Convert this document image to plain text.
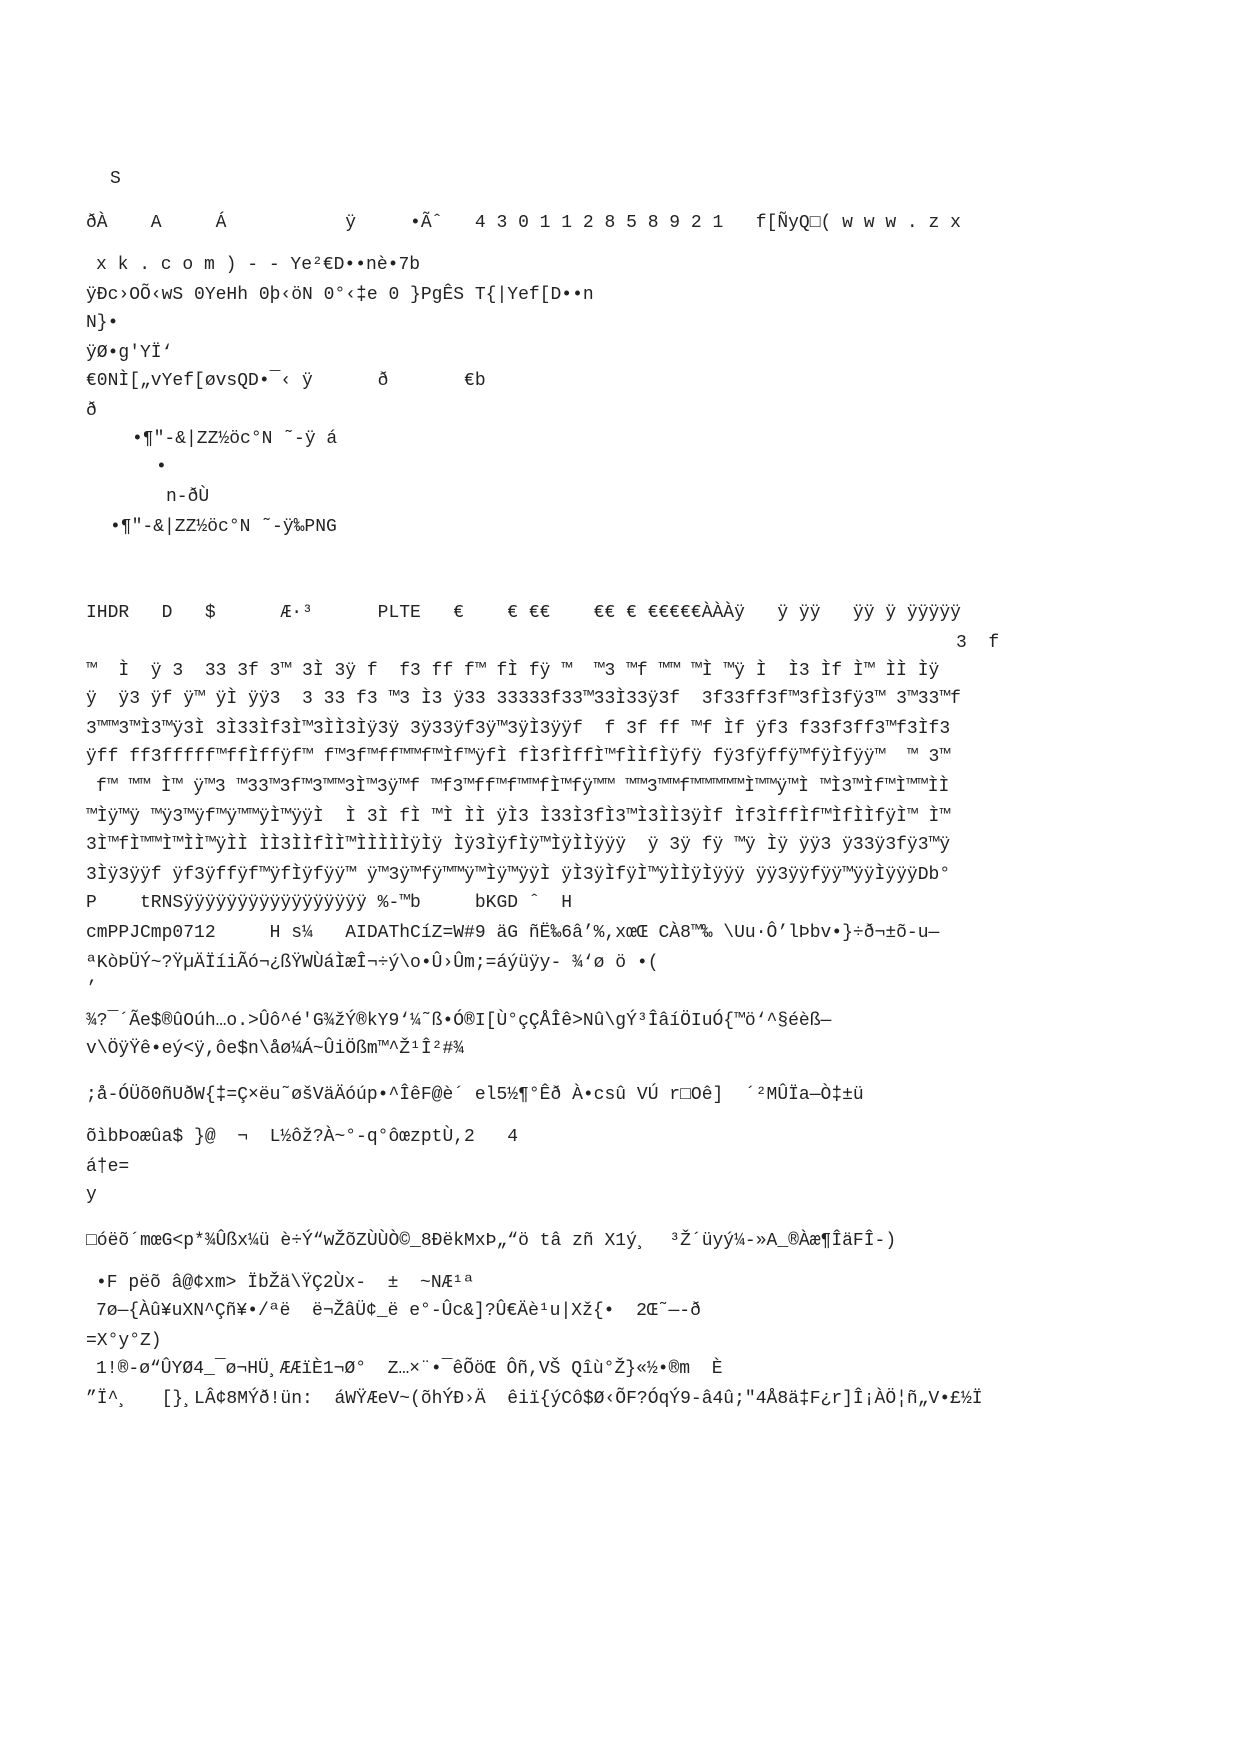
S
ðÀ    A     Á           ÿ     •Ãˆ   4 3 0 1 1 2 8 5 8 9 2 1   f[ÑyQ□( w w w . z x
x k . c o m ) - - Ye²€D••nè•7b
ÿÐc›OÕ‹wS 0YeHh 0þ‹öN 0°‹‡e 0 }PgÊS T{|Yef[D••n
N}•
ÿØ•g'YÏ‘
€0NÌ[„vYef[øvsQD•¯‹ ÿ      ð       €b
ð
•¶"-&|ZZ½öc°N ˜-ÿ á
•
n-ðÙ
•¶"-&|ZZ½öc°N ˜-ÿ‰PNG
IHDR   D   $      Æ·³      PLTE   €    € €€    €€ € €€€€€ÀÀÀÿ   ÿ ÿÿ   ÿÿ ÿ ÿÿÿÿÿ
3  f
™  Ì  ÿ 3  33 3f 3™ 3Ì 3ÿ f  f3 ff f™ fÌ fÿ ™  ™3 ™f ™™ ™Ì ™ÿ Ì  Ì3 Ìf Ì™ ÌÌ Ìÿ
ÿ  ÿ3 ÿf ÿ™ ÿÌ ÿÿ3  3 33 f3 ™3 Ì3 ÿ33 33333f33™33Ì33ÿ3f  3f33ff3f™3fÌ3fÿ3™ 3™33™f
3™™3™Ì3™ÿ3Ì 3Ì33Ìf3Ì™3ÌÌ3Ìÿ3ÿ 3ÿ33ÿf3ÿ™3ÿÌ3ÿÿf  f 3f ff ™f Ìf ÿf3 f33f3ff3™f3Ìf3
ÿff ff3fffff™ffÌffÿf™ f™3f™ff™™f™Ìf™ÿfÌ fÌ3fÌffÌ™fÌÌfÌÿfÿ fÿ3fÿffÿ™fÿÌfÿÿ™  ™ 3™
f™ ™™ Ì™ ÿ™3 ™33™3f™3™™3Ì™3ÿ™f ™f3™ff™f™™fÌ™fÿ™™ ™™3™™f™™™™™Ì™™ÿ™Ì ™Ì3™Ìf™Ì™™ÌÌ
™Ìÿ™ÿ ™ÿ3™ÿf™ÿ™™ÿÌ™ÿÿÌ  Ì 3Ì fÌ ™Ì ÌÌ ÿÌ3 Ì33Ì3fÌ3™Ì3ÌÌ3ÿÌf Ìf3ÌffÌf™ÌfÌÌfÿÌ™ Ì™
3Ì™fÌ™™Ì™ÌÌ™ÿÌÌ ÌÌ3ÌÌfÌÌ™ÌÌÌÌÌÿÌÿ Ìÿ3ÌÿfÌÿ™ÌÿÌÌÿÿÿ  ÿ 3ÿ fÿ ™ÿ Ìÿ ÿÿ3 ÿ33ÿ3fÿ3™ÿ
3Ìÿ3ÿÿf ÿf3ÿffÿf™ÿfÌÿfÿÿ™ ÿ™3ÿ™fÿ™™ÿ™Ìÿ™ÿÿÌ ÿÌ3ÿÌfÿÌ™ÿÌÌÿÌÿÿÿ ÿÿ3ÿÿfÿÿ™ÿÿÌÿÿÿDb°
P    tRNSÿÿÿÿÿÿÿÿÿÿÿÿÿÿÿÿÿ %-™b     bKGD ˆ  H
cmPPJCmp0712     H s¼   AIDAThCíZ=W#9 äG ñË‰6â’%,xœŒ CÀ8™‰ \Uu·Ô’lÞbv•}÷ð¬±õ-u—
ªKòÞÜÝ~?ŸµÄÏíiÃó¬¿ßŸWÙáÌæÎ¬÷ý\o•Û›Ûm;=áýüÿy- ¾‘ø ö •(
’
¾?¯´Ãe$®ûOúh…o.>Ûô^é'G¾žÝ®kY9‘¼˜ß•Ó®I[Ù°çÇÅÎê>Nû\gÝ³ÎâíÖIuÓ{™ö‘^§éèß—
v\ÖÿŸê•eý<ÿ,ôe$n\åø¼Á~ÛiÖßm™^Ž¹Î²#¾
;å-ÓÜõ0ñUðW{‡=Ç×ëu˜øšVäÄóúp•^ÎêF@è´ el5½¶°Êð À•csû VÚ r□Oê]  ´²MÛÏa—Ò‡±ü
õìbÞoæûa$ }@  ¬  L½ôž?À~°-q°ôœzptÙ,2   4
á†e=
y
□óëõ´mœG<p*¾Ûßx¼ü è÷Ý“wŽõZÙÙÒ©_8ÐëkMxÞ„“ö tâ zñ X1ý¸  ³Ž´üyý¼-»A_®Àæ¶ÎäFÎ-)
•F pëõ â@¢xm> ÏbŽä\ŸÇ2Ùx-  ±  ~NÆ¹ª
7ø—{Àû¥uXN^Çñ¥•/ªë  ë¬ŽâÜ¢_ë e°-Ûc&]?Û€Äè¹u|Xž{•  2Œ˜—-ð
=X°y°Z)
1!®-ø“ÛYØ4_¯ø¬HÜ¸ÆÆïÈ1¬Ø°  Z…×¨•¯êÕöŒ Ôñ,VŠ Qîù°Ž}«½•®m  È
”Ï^¸   [}¸LÂ¢8MÝð!ün:  áWŸÆeV~(õhÝÐ›Ä  êiï{ýCô$Ø‹ÕF?ÓqÝ9-â4û;"4Å8ä‡F¿r]Î¡ÀÖ¦ñ„V•£½Ï
